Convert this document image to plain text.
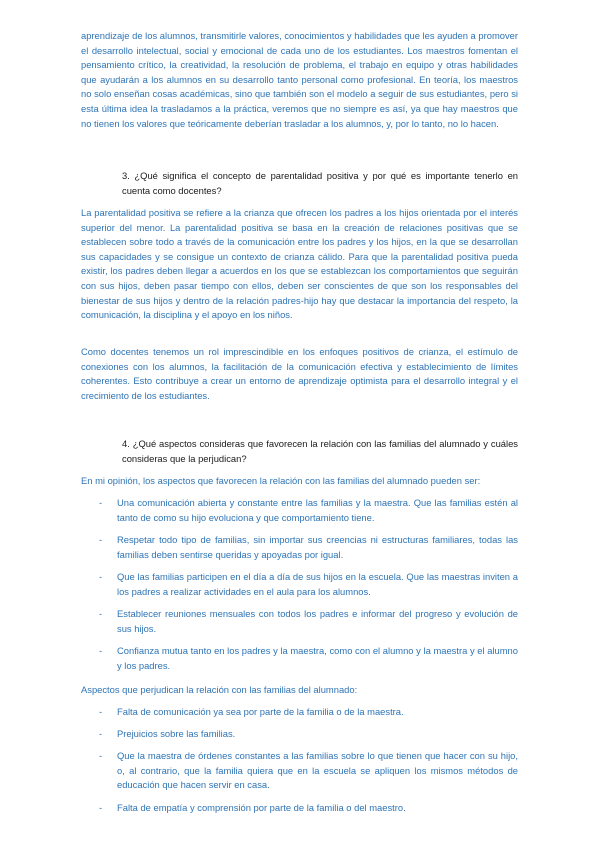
aprendizaje de los alumnos, transmitirle valores, conocimientos y habilidades que les ayuden a promover el desarrollo intelectual, social y emocional de cada uno de los estudiantes. Los maestros fomentan el pensamiento crítico, la creatividad, la resolución de problema, el trabajo en equipo y otras habilidades que ayudarán a los alumnos en su desarrollo tanto personal como profesional. En teoría, los maestros no solo enseñan cosas académicas, sino que también son el modelo a seguir de sus estudiantes, pero si esta última idea la trasladamos a la práctica, veremos que no siempre es así, ya que hay maestros que no tienen los valores que teóricamente deberían trasladar a los alumnos, y, por lo tanto, no lo hacen.

3. ¿Qué significa el concepto de parentalidad positiva y por qué es importante tenerlo en cuenta como docentes?

La parentalidad positiva se refiere a la crianza que ofrecen los padres a los hijos orientada por el interés superior del menor. La parentalidad positiva se basa en la creación de relaciones positivas que se establecen sobre todo a través de la comunicación entre los padres y los hijos, en la que se desarrollan sus capacidades y se consigue un contexto de crianza cálido. Para que la parentalidad positiva pueda existir, los padres deben llegar a acuerdos en los que se establezcan los comportamientos que seguirán con sus hijos, deben pasar tiempo con ellos, deben ser conscientes de que son los responsables del bienestar de sus hijos y dentro de la relación padres-hijo hay que destacar la importancia del respeto, la comunicación, la disciplina y el apoyo en los niños.

Como docentes tenemos un rol imprescindible en los enfoques positivos de crianza, el estímulo de conexiones con los alumnos, la facilitación de la comunicación efectiva y establecimiento de límites coherentes. Esto contribuye a crear un entorno de aprendizaje optimista para el desarrollo integral y el crecimiento de los estudiantes.

4. ¿Qué aspectos consideras que favorecen la relación con las familias del alumnado y cuáles consideras que la perjudican?

En mi opinión, los aspectos que favorecen la relación con las familias del alumnado pueden ser:

-	Una comunicación abierta y constante entre las familias y la maestra. Que las familias estén al tanto de como su hijo evoluciona y que comportamiento tiene.
-	Respetar todo tipo de familias, sin importar sus creencias ni estructuras familiares, todas las familias deben sentirse queridas y apoyadas por igual.
-	Que las familias participen en el día a día de sus hijos en la escuela. Que las maestras inviten a los padres a realizar actividades en el aula para los alumnos.
-	Establecer reuniones mensuales con todos los padres e informar del progreso y evolución de sus hijos.
-	Confianza mutua tanto en los padres y la maestra, como con el alumno y la maestra y el alumno y los padres.

Aspectos que perjudican la relación con las familias del alumnado:

-	Falta de comunicación ya sea por parte de la familia o de la maestra.
-	Prejuicios sobre las familias.
-	Que la maestra de órdenes constantes a las familias sobre lo que tienen que hacer con su hijo, o, al contrario, que la familia quiera que en la escuela se apliquen los mismos métodos de educación que hacen servir en casa.
-	Falta de empatía y comprensión por parte de la familia o del maestro.
